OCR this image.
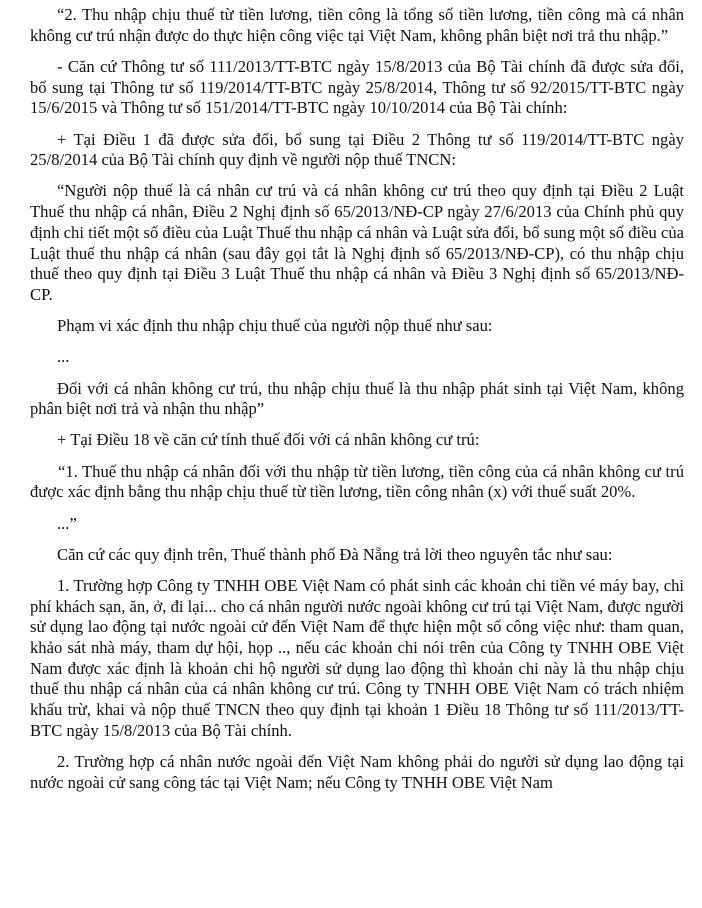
“2. Thu nhập chịu thuế từ tiền lương, tiền công là tổng số tiền lương, tiền công mà cá nhân không cư trú nhận được do thực hiện công việc tại Việt Nam, không phân biệt nơi trả thu nhập.”

- Căn cứ Thông tư số 111/2013/TT-BTC ngày 15/8/2013 của Bộ Tài chính đã được sửa đổi, bổ sung tại Thông tư số 119/2014/TT-BTC ngày 25/8/2014, Thông tư số 92/2015/TT-BTC ngày 15/6/2015 và Thông tư số 151/2014/TT-BTC ngày 10/10/2014 của Bộ Tài chính:

+ Tại Điều 1 đã được sửa đổi, bổ sung tại Điều 2 Thông tư số 119/2014/TT-BTC ngày 25/8/2014 của Bộ Tài chính quy định về người nộp thuế TNCN:

“Người nộp thuế là cá nhân cư trú và cá nhân không cư trú theo quy định tại Điều 2 Luật Thuế thu nhập cá nhân, Điều 2 Nghị định số 65/2013/NĐ-CP ngày 27/6/2013 của Chính phủ quy định chi tiết một số điều của Luật Thuế thu nhập cá nhân và Luật sửa đổi, bổ sung một số điều của Luật thuế thu nhập cá nhân (sau đây gọi tắt là Nghị định số 65/2013/NĐ-CP), có thu nhập chịu thuế theo quy định tại Điều 3 Luật Thuế thu nhập cá nhân và Điều 3 Nghị định số 65/2013/NĐ-CP.

Phạm vi xác định thu nhập chịu thuế của người nộp thuế như sau:

...

Đối với cá nhân không cư trú, thu nhập chịu thuế là thu nhập phát sinh tại Việt Nam, không phân biệt nơi trả và nhận thu nhập”

+ Tại Điều 18 về căn cứ tính thuế đối với cá nhân không cư trú:

“1. Thuế thu nhập cá nhân đối với thu nhập từ tiền lương, tiền công của cá nhân không cư trú được xác định bằng thu nhập chịu thuế từ tiền lương, tiền công nhân (x) với thuế suất 20%.

...”

Căn cứ các quy định trên, Thuế thành phố Đà Nẵng trả lời theo nguyên tắc như sau:

1. Trường hợp Công ty TNHH OBE Việt Nam có phát sinh các khoản chi tiền vé máy bay, chi phí khách sạn, ăn, ở, đi lại... cho cá nhân người nước ngoài không cư trú tại Việt Nam, được người sử dụng lao động tại nước ngoài cử đến Việt Nam để thực hiện một số công việc như: tham quan, khảo sát nhà máy, tham dự hội, họp .., nếu các khoản chi nói trên của Công ty TNHH OBE Việt Nam được xác định là khoản chi hộ người sử dụng lao động thì khoản chi này là thu nhập chịu thuế thu nhập cá nhân của cá nhân không cư trú. Công ty TNHH OBE Việt Nam có trách nhiệm khấu trừ, khai và nộp thuế TNCN theo quy định tại khoản 1 Điều 18 Thông tư số 111/2013/TT-BTC ngày 15/8/2013 của Bộ Tài chính.

2. Trường hợp cá nhân nước ngoài đến Việt Nam không phải do người sử dụng lao động tại nước ngoài cử sang công tác tại Việt Nam; nếu Công ty TNHH OBE Việt Nam
